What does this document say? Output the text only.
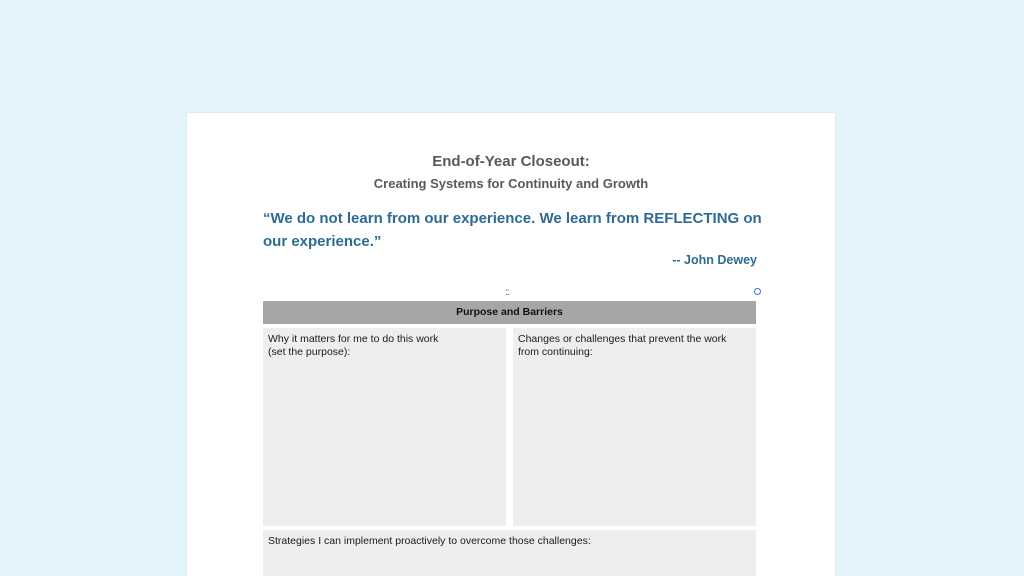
End-of-Year Closeout:
Creating Systems for Continuity and Growth
“We do not learn from our experience. We learn from REFLECTING on our experience.”
-- John Dewey
::
Purpose and Barriers
Why it matters for me to do this work
(set the purpose):
Changes or challenges that prevent the work
from continuing:
Strategies I can implement proactively to overcome those challenges:
